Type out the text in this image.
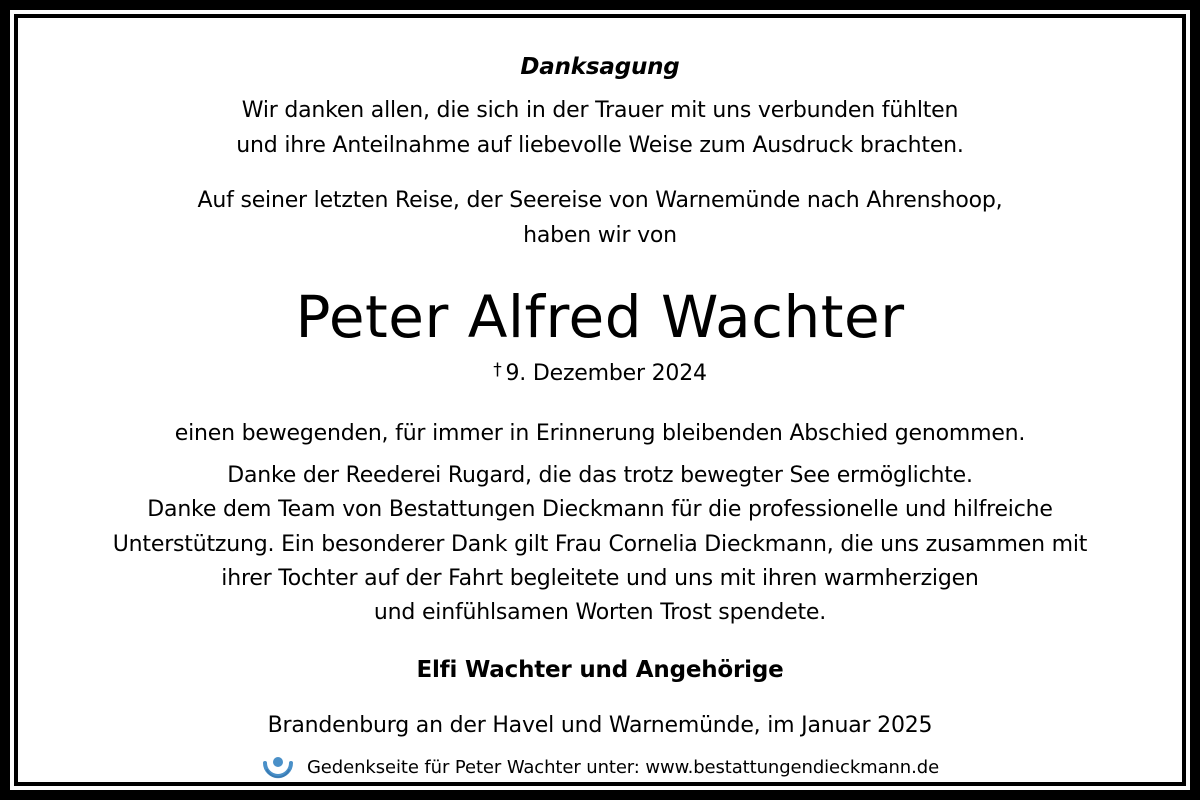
Danksagung
Wir danken allen, die sich in der Trauer mit uns verbunden fühlten
und ihre Anteilnahme auf liebevolle Weise zum Ausdruck brachten.
Auf seiner letzten Reise, der Seereise von Warnemünde nach Ahrenshoop,
haben wir von
Peter Alfred Wachter
† 9. Dezember 2024
einen bewegenden, für immer in Erinnerung bleibenden Abschied genommen.
Danke der Reederei Rugard, die das trotz bewegter See ermöglichte.
Danke dem Team von Bestattungen Dieckmann für die professionelle und hilfreiche
Unterstützung. Ein besonderer Dank gilt Frau Cornelia Dieckmann, die uns zusammen mit
ihrer Tochter auf der Fahrt begleitete und uns mit ihren warmherzigen
und einfühlsamen Worten Trost spendete.
Elfi Wachter und Angehörige
Brandenburg an der Havel und Warnemünde, im Januar 2025
Gedenkseite für Peter Wachter unter: www.bestattungendieckmann.de
